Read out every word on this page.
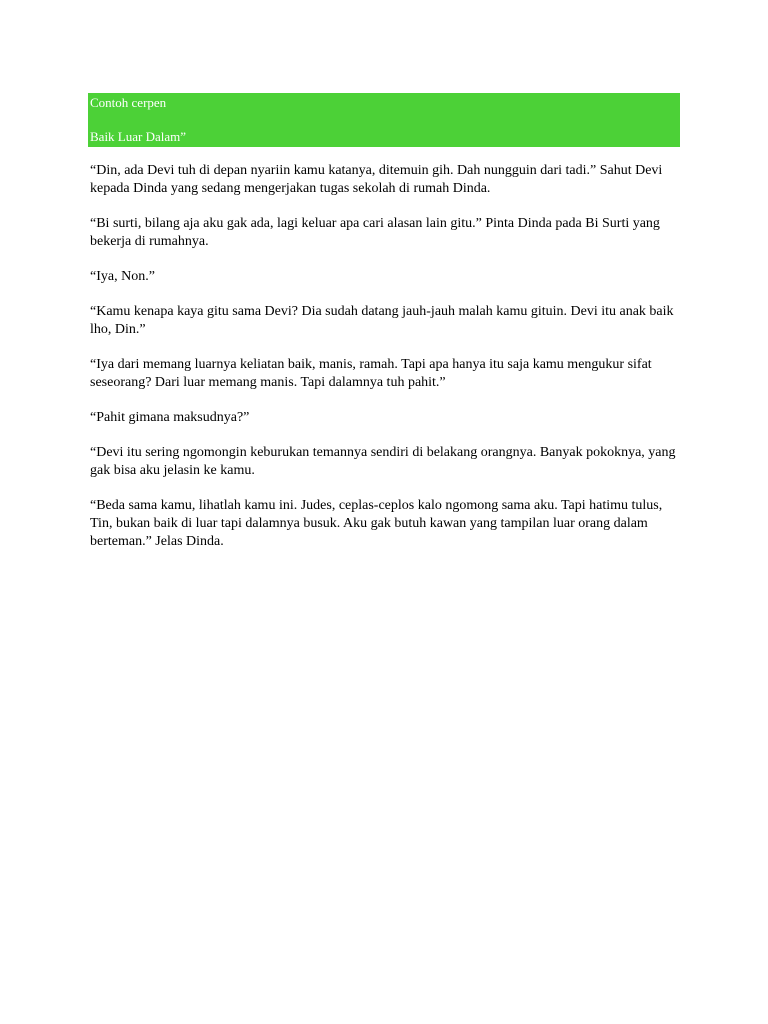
Contoh cerpen
Baik Luar Dalam”

“Din, ada Devi tuh di depan nyariin kamu katanya, ditemuin gih. Dah nungguin dari tadi.” Sahut Devi kepada Dinda yang sedang mengerjakan tugas sekolah di rumah Dinda.

“Bi surti, bilang aja aku gak ada, lagi keluar apa cari alasan lain gitu.” Pinta Dinda pada Bi Surti yang bekerja di rumahnya.

“Iya, Non.”

“Kamu kenapa kaya gitu sama Devi? Dia sudah datang jauh-jauh malah kamu gituin. Devi itu anak baik lho, Din.”

“Iya dari memang luarnya keliatan baik, manis, ramah. Tapi apa hanya itu saja kamu mengukur sifat seseorang? Dari luar memang manis. Tapi dalamnya tuh pahit.”

“Pahit gimana maksudnya?”

“Devi itu sering ngomongin keburukan temannya sendiri di belakang orangnya. Banyak pokoknya, yang gak bisa aku jelasin ke kamu.

“Beda sama kamu, lihatlah kamu ini. Judes, ceplas-ceplos kalo ngomong sama aku. Tapi hatimu tulus, Tin, bukan baik di luar tapi dalamnya busuk. Aku gak butuh kawan yang tampilan luar orang dalam berteman.” Jelas Dinda.
